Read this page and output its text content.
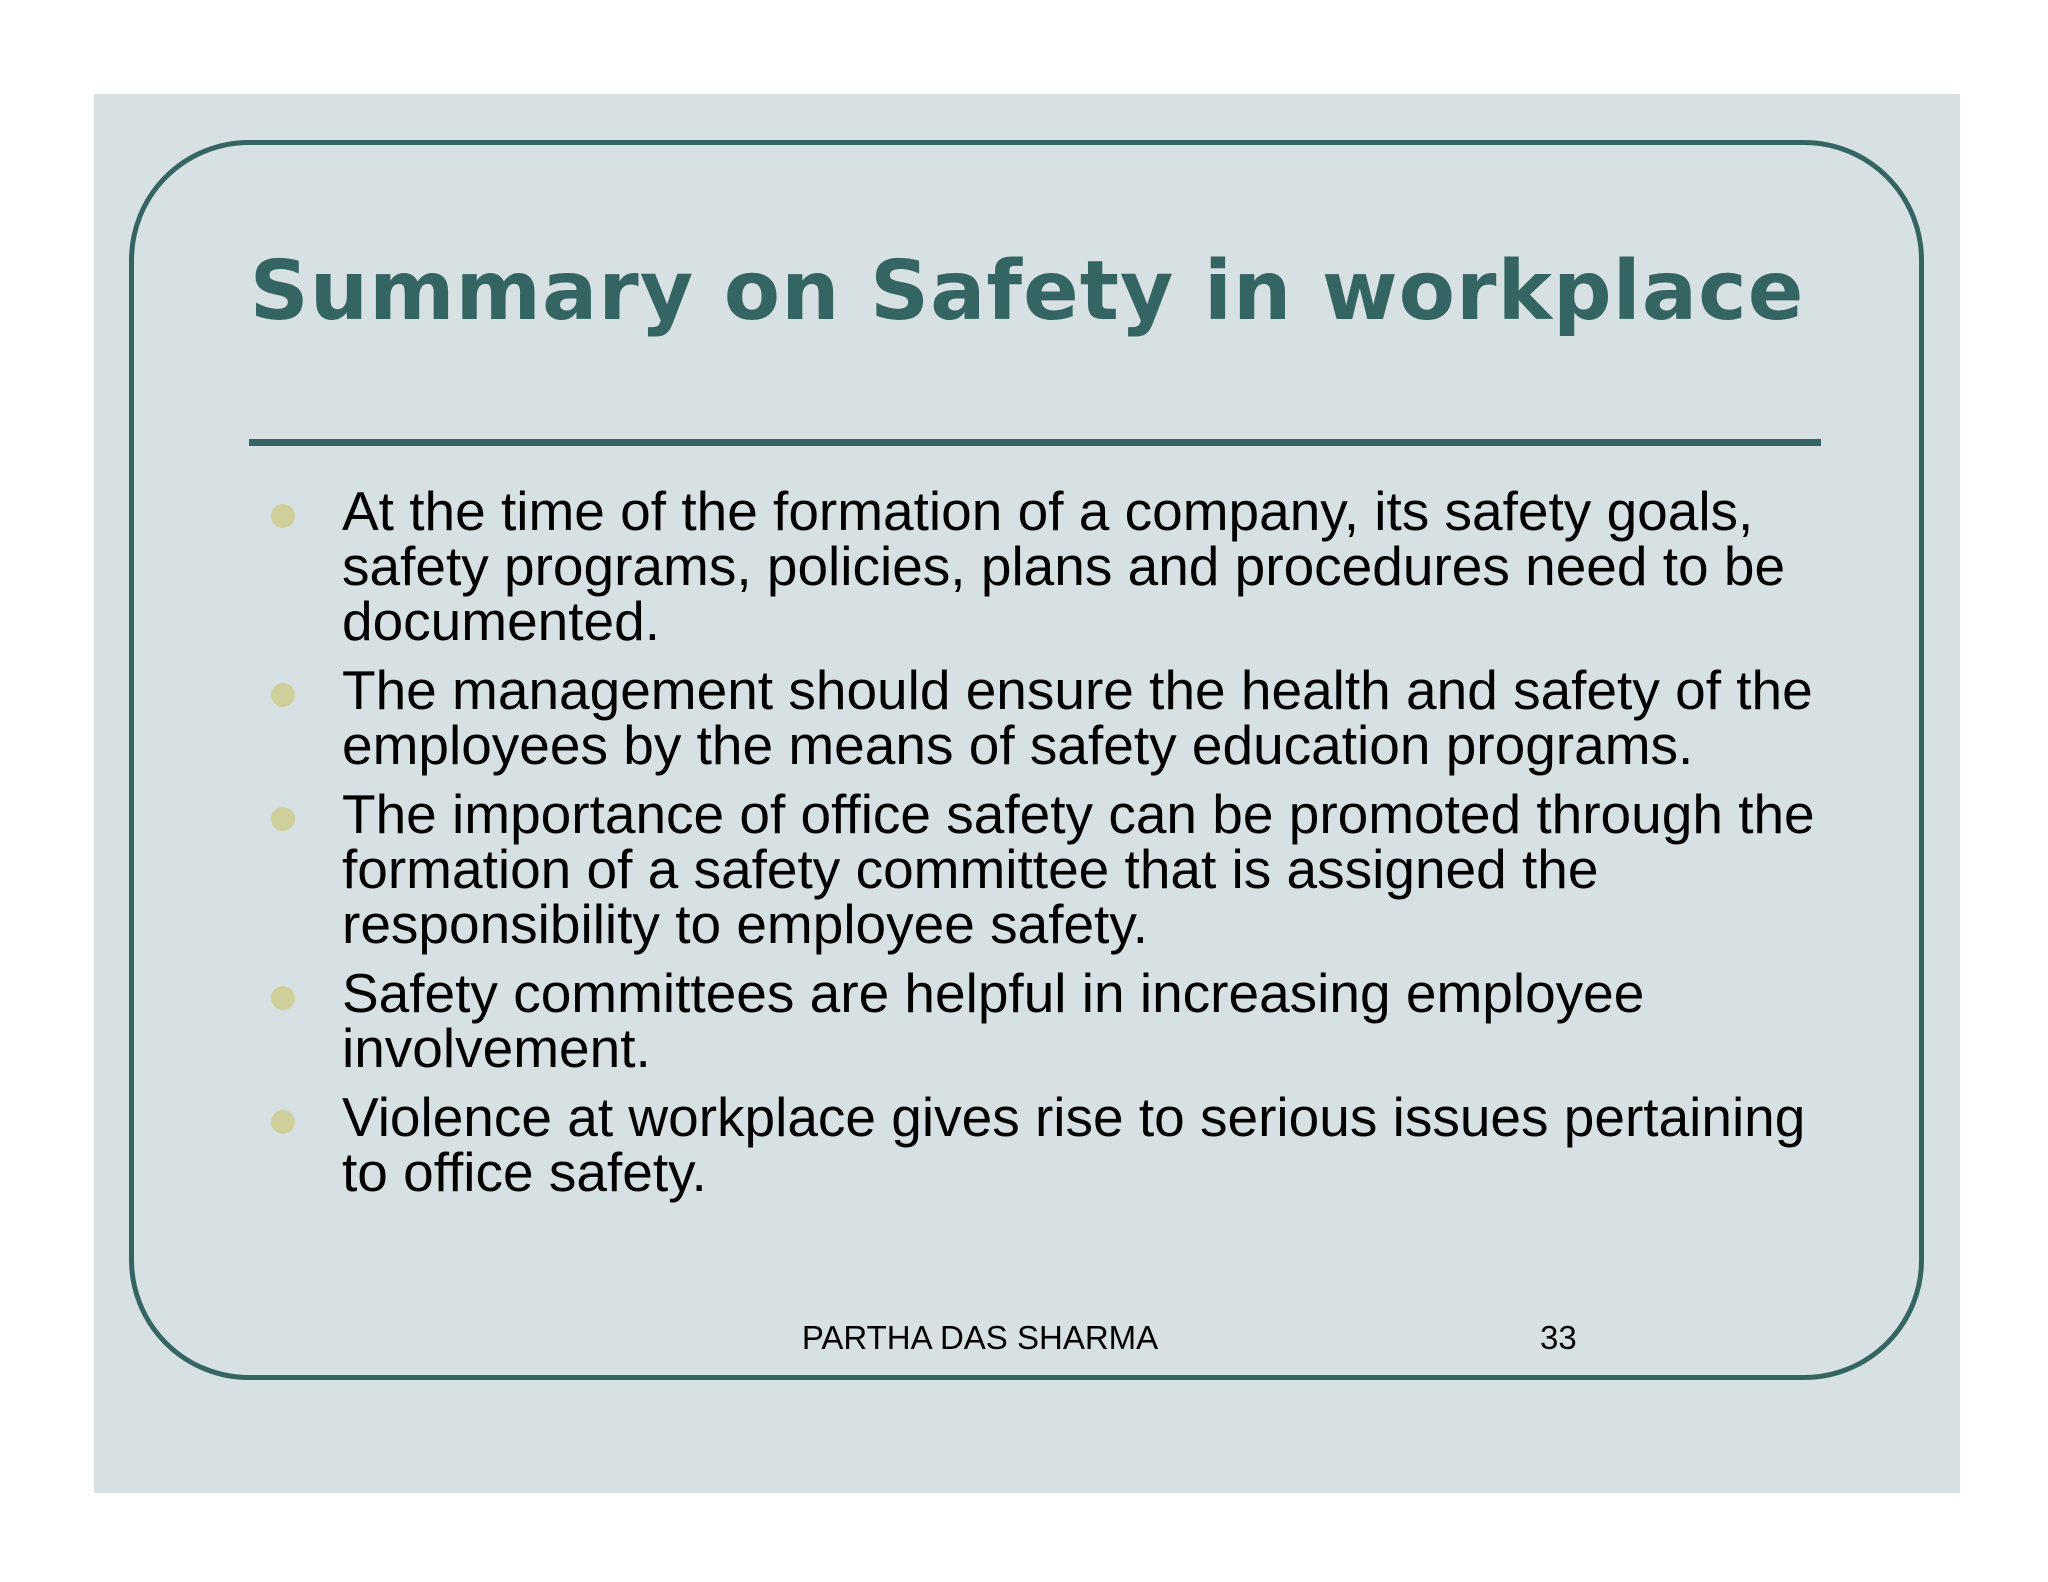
Summary on Safety in workplace
At the time of the formation of a company, its safety goals, safety programs, policies, plans and procedures need to be documented.
The management should ensure the health and safety of the employees by the means of safety education programs.
The importance of office safety can be promoted through the formation of a safety committee that is assigned the responsibility to employee safety.
Safety committees are helpful in increasing employee involvement.
Violence at workplace gives rise to serious issues pertaining to office safety.
PARTHA DAS SHARMA	33
